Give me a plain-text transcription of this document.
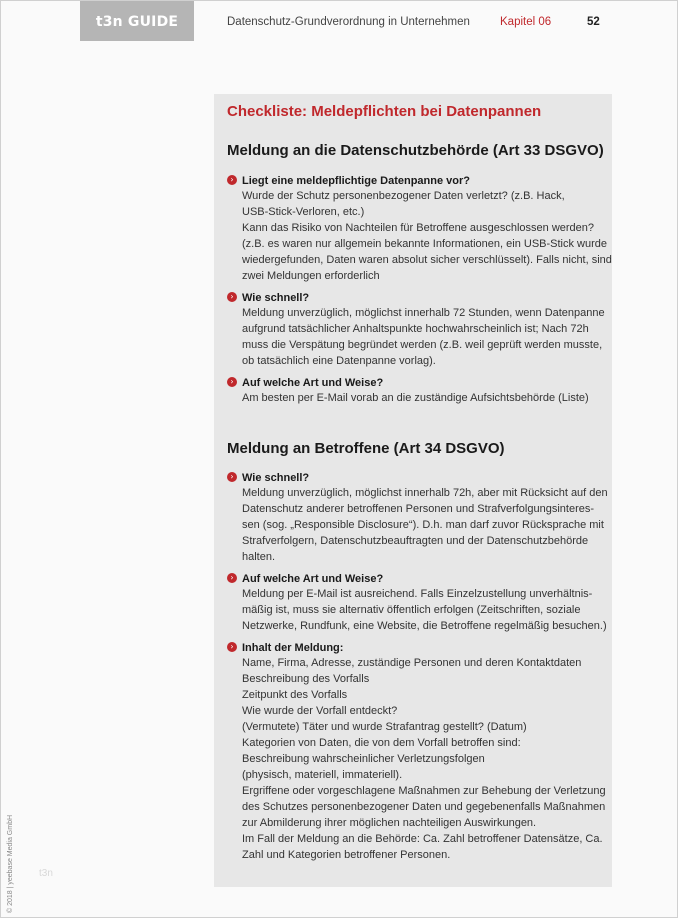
t3n GUIDE	Datenschutz-Grundverordnung in Unternehmen	Kapitel 06	52
Checkliste: Meldepflichten bei Datenpannen
Meldung an die Datenschutzbehörde (Art 33 DSGVO)
› Liegt eine meldepflichtige Datenpanne vor?
Wurde der Schutz personenbezogener Daten verletzt? (z.B. Hack,
USB-Stick-Verloren, etc.)
Kann das Risiko von Nachteilen für Betroffene ausgeschlossen werden?
(z.B. es waren nur allgemein bekannte Informationen, ein USB-Stick wurde
wiedergefunden, Daten waren absolut sicher verschlüsselt). Falls nicht, sind
zwei Meldungen erforderlich
› Wie schnell?
Meldung unverzüglich, möglichst innerhalb 72 Stunden, wenn Datenpanne
aufgrund tatsächlicher Anhaltspunkte hochwahrscheinlich ist; Nach 72h
muss die Verspätung begründet werden (z.B. weil geprüft werden musste,
ob tatsächlich eine Datenpanne vorlag).
› Auf welche Art und Weise?
Am besten per E-Mail vorab an die zuständige Aufsichtsbehörde (Liste)
Meldung an Betroffene (Art 34 DSGVO)
› Wie schnell?
Meldung unverzüglich, möglichst innerhalb 72h, aber mit Rücksicht auf den
Datenschutz anderer betroffenen Personen und Strafverfolgungsinteres-
sen (sog. „Responsible Disclosure“). D.h. man darf zuvor Rücksprache mit
Strafverfolgern, Datenschutzbeauftragten und der Datenschutzbehörde
halten.
› Auf welche Art und Weise?
Meldung per E-Mail ist ausreichend. Falls Einzelzustellung unverhältnis-
mäßig ist, muss sie alternativ öffentlich erfolgen (Zeitschriften, soziale
Netzwerke, Rundfunk, eine Website, die Betroffene regelmäßig besuchen.)
› Inhalt der Meldung:
Name, Firma, Adresse, zuständige Personen und deren Kontaktdaten
Beschreibung des Vorfalls
Zeitpunkt des Vorfalls
Wie wurde der Vorfall entdeckt?
(Vermutete) Täter und wurde Strafantrag gestellt? (Datum)
Kategorien von Daten, die von dem Vorfall betroffen sind:
Beschreibung wahrscheinlicher Verletzungsfolgen
(physisch, materiell, immateriell).
Ergriffene oder vorgeschlagene Maßnahmen zur Behebung der Verletzung
des Schutzes personenbezogener Daten und gegebenenfalls Maßnahmen
zur Abmilderung ihrer möglichen nachteiligen Auswirkungen.
Im Fall der Meldung an die Behörde: Ca. Zahl betroffener Datensätze, Ca.
Zahl und Kategorien betroffener Personen.
© 2018 | yeebase Media GmbH	t3n
